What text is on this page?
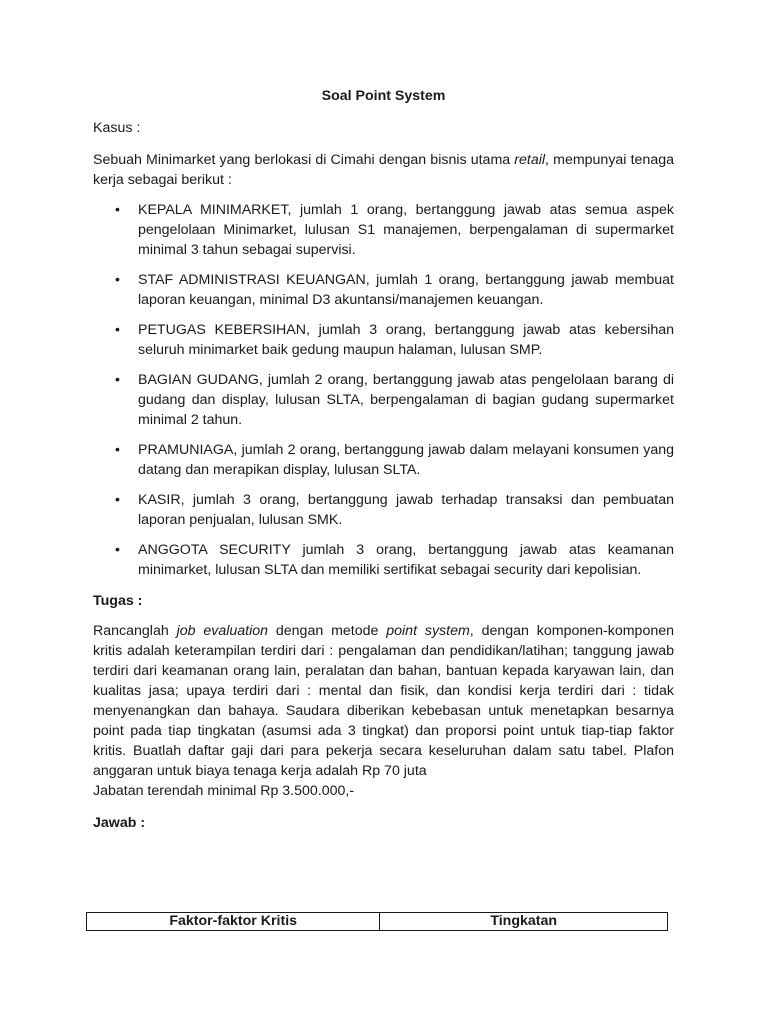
Soal Point System

Kasus :

Sebuah Minimarket yang berlokasi di Cimahi dengan bisnis utama retail, mempunyai tenaga kerja sebagai berikut :

• KEPALA MINIMARKET, jumlah 1 orang, bertanggung jawab atas semua aspek pengelolaan Minimarket, lulusan S1 manajemen, berpengalaman di supermarket minimal 3 tahun sebagai supervisi.
• STAF ADMINISTRASI KEUANGAN, jumlah 1 orang, bertanggung jawab membuat laporan keuangan, minimal D3 akuntansi/manajemen keuangan.
• PETUGAS KEBERSIHAN, jumlah 3 orang, bertanggung jawab atas kebersihan seluruh minimarket baik gedung maupun halaman, lulusan SMP.
• BAGIAN GUDANG, jumlah 2 orang, bertanggung jawab atas pengelolaan barang di gudang dan display, lulusan SLTA, berpengalaman di bagian gudang supermarket minimal 2 tahun.
• PRAMUNIAGA, jumlah 2 orang, bertanggung jawab dalam melayani konsumen yang datang dan merapikan display, lulusan SLTA.
• KASIR, jumlah 3 orang, bertanggung jawab terhadap transaksi dan pembuatan laporan penjualan, lulusan SMK.
• ANGGOTA SECURITY jumlah 3 orang, bertanggung jawab atas keamanan minimarket, lulusan SLTA dan memiliki sertifikat sebagai security dari kepolisian.

Tugas :

Rancanglah job evaluation dengan metode point system, dengan komponen-komponen kritis adalah keterampilan terdiri dari : pengalaman dan pendidikan/latihan; tanggung jawab terdiri dari keamanan orang lain, peralatan dan bahan, bantuan kepada karyawan lain, dan kualitas jasa; upaya terdiri dari : mental dan fisik, dan kondisi kerja terdiri dari : tidak menyenangkan dan bahaya. Saudara diberikan kebebasan untuk menetapkan besarnya point pada tiap tingkatan (asumsi ada 3 tingkat) dan proporsi point untuk tiap-tiap faktor kritis. Buatlah daftar gaji dari para pekerja secara keseluruhan dalam satu tabel. Plafon anggaran untuk biaya tenaga kerja adalah Rp 70 juta
Jabatan terendah minimal Rp 3.500.000,-

Jawab :

Faktor-faktor Kritis	Tingkatan
